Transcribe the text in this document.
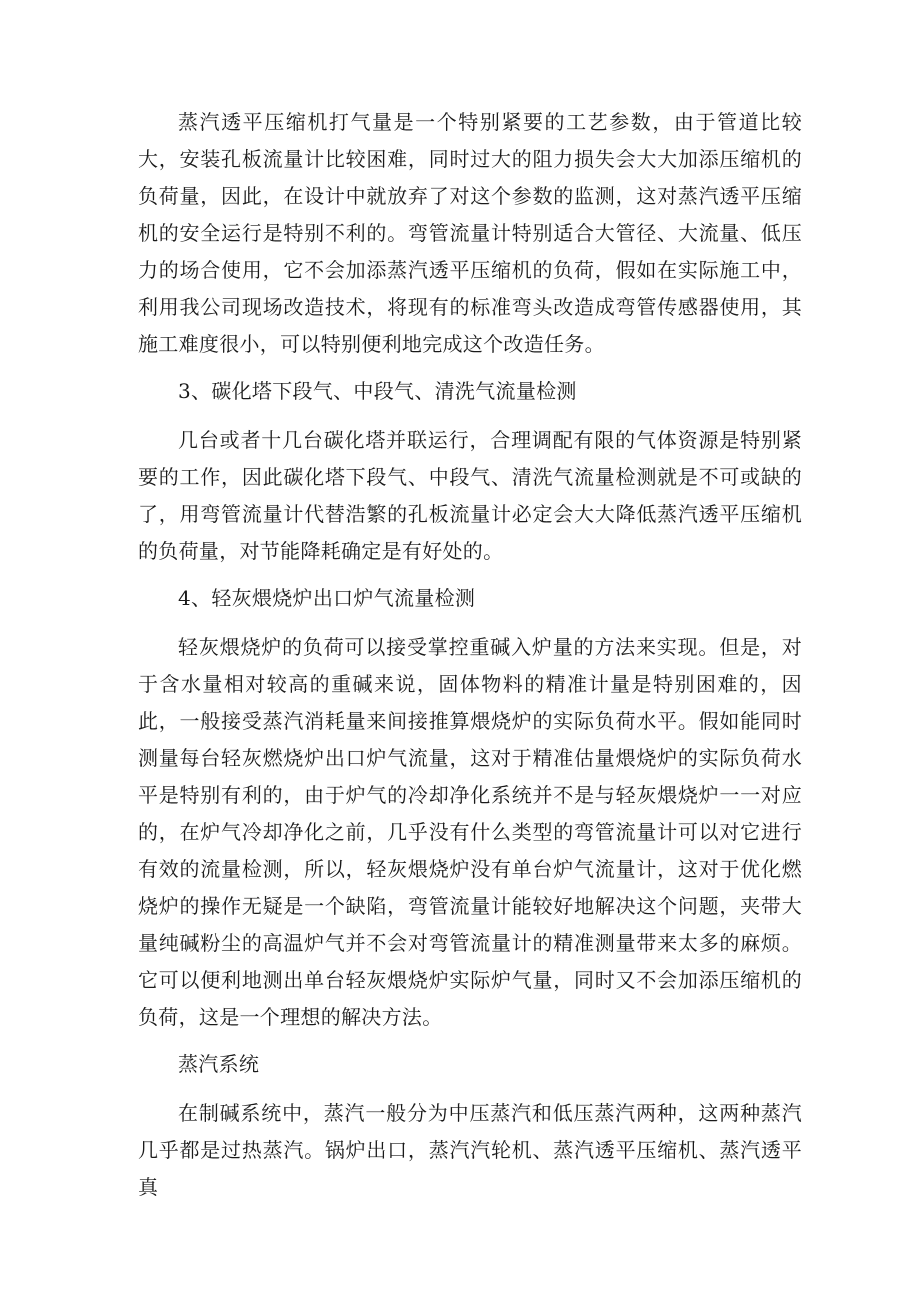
蒸汽透平压缩机打气量是一个特别紧要的工艺参数，由于管道比较大，安装孔板流量计比较困难，同时过大的阻力损失会大大加添压缩机的负荷量，因此，在设计中就放弃了对这个参数的监测，这对蒸汽透平压缩机的安全运行是特别不利的。弯管流量计特别适合大管径、大流量、低压力的场合使用，它不会加添蒸汽透平压缩机的负荷，假如在实际施工中，利用我公司现场改造技术，将现有的标准弯头改造成弯管传感器使用，其施工难度很小，可以特别便利地完成这个改造任务。

3、碳化塔下段气、中段气、清洗气流量检测

几台或者十几台碳化塔并联运行，合理调配有限的气体资源是特别紧要的工作，因此碳化塔下段气、中段气、清洗气流量检测就是不可或缺的了，用弯管流量计代替浩繁的孔板流量计必定会大大降低蒸汽透平压缩机的负荷量，对节能降耗确定是有好处的。

4、轻灰煨烧炉出口炉气流量检测

轻灰煨烧炉的负荷可以接受掌控重碱入炉量的方法来实现。但是，对于含水量相对较高的重碱来说，固体物料的精准计量是特别困难的，因此，一般接受蒸汽消耗量来间接推算煨烧炉的实际负荷水平。假如能同时测量每台轻灰燃烧炉出口炉气流量，这对于精准估量煨烧炉的实际负荷水平是特别有利的，由于炉气的冷却净化系统并不是与轻灰煨烧炉一一对应的，在炉气冷却净化之前，几乎没有什么类型的弯管流量计可以对它进行有效的流量检测，所以，轻灰煨烧炉没有单台炉气流量计，这对于优化燃烧炉的操作无疑是一个缺陷，弯管流量计能较好地解决这个问题，夹带大量纯碱粉尘的高温炉气并不会对弯管流量计的精准测量带来太多的麻烦。它可以便利地测出单台轻灰煨烧炉实际炉气量，同时又不会加添压缩机的负荷，这是一个理想的解决方法。

蒸汽系统

在制碱系统中，蒸汽一般分为中压蒸汽和低压蒸汽两种，这两种蒸汽几乎都是过热蒸汽。锅炉出口，蒸汽汽轮机、蒸汽透平压缩机、蒸汽透平真
